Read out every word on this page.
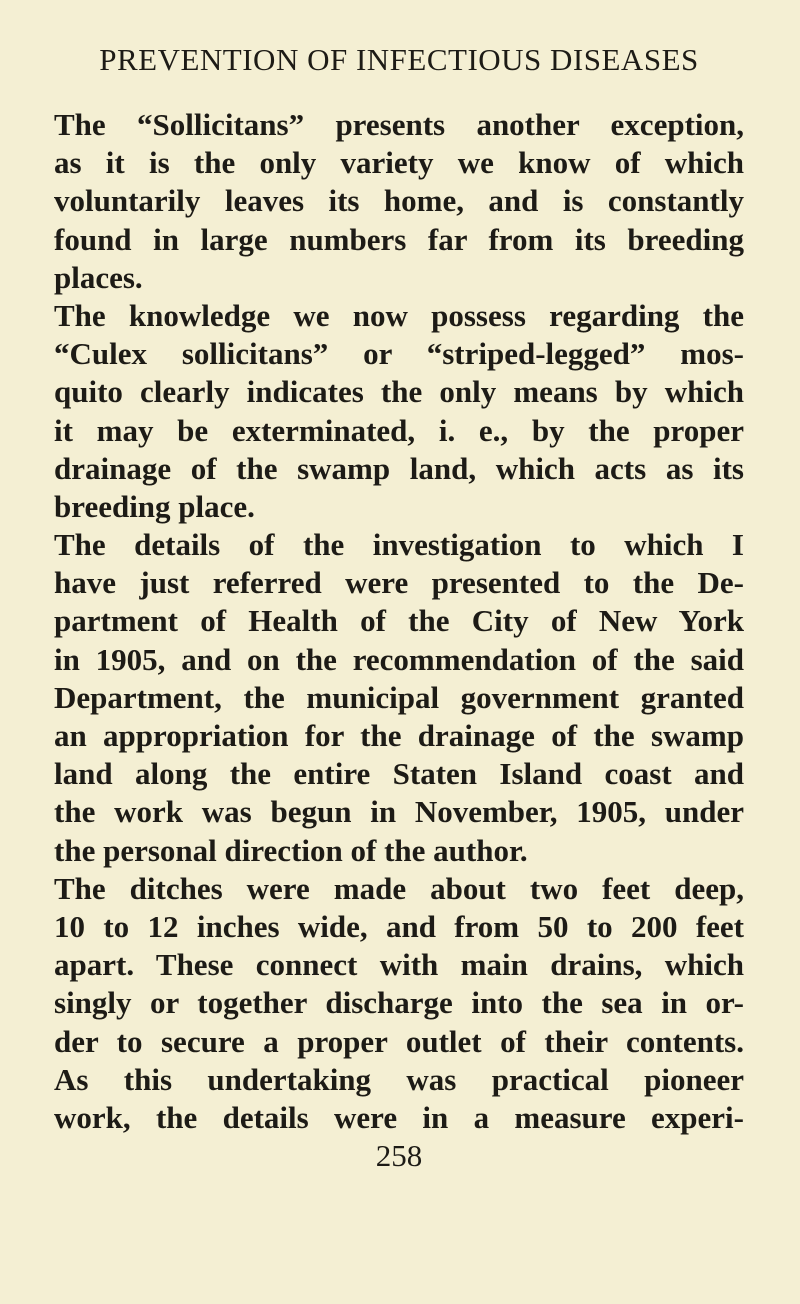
PREVENTION OF INFECTIOUS DISEASES
The “Sollicitans” presents another exception,
as it is the only variety we know of which
voluntarily leaves its home, and is constantly
found in large numbers far from its breeding
places.
The knowledge we now possess regarding the
“Culex sollicitans” or “striped-legged” mos-
quito clearly indicates the only means by which
it may be exterminated, i. e., by the proper
drainage of the swamp land, which acts as its
breeding place.
The details of the investigation to which I
have just referred were presented to the De-
partment of Health of the City of New York
in 1905, and on the recommendation of the said
Department, the municipal government granted
an appropriation for the drainage of the swamp
land along the entire Staten Island coast and
the work was begun in November, 1905, under
the personal direction of the author.
The ditches were made about two feet deep,
10 to 12 inches wide, and from 50 to 200 feet
apart. These connect with main drains, which
singly or together discharge into the sea in or-
der to secure a proper outlet of their contents.
As this undertaking was practical pioneer
work, the details were in a measure experi-
258
